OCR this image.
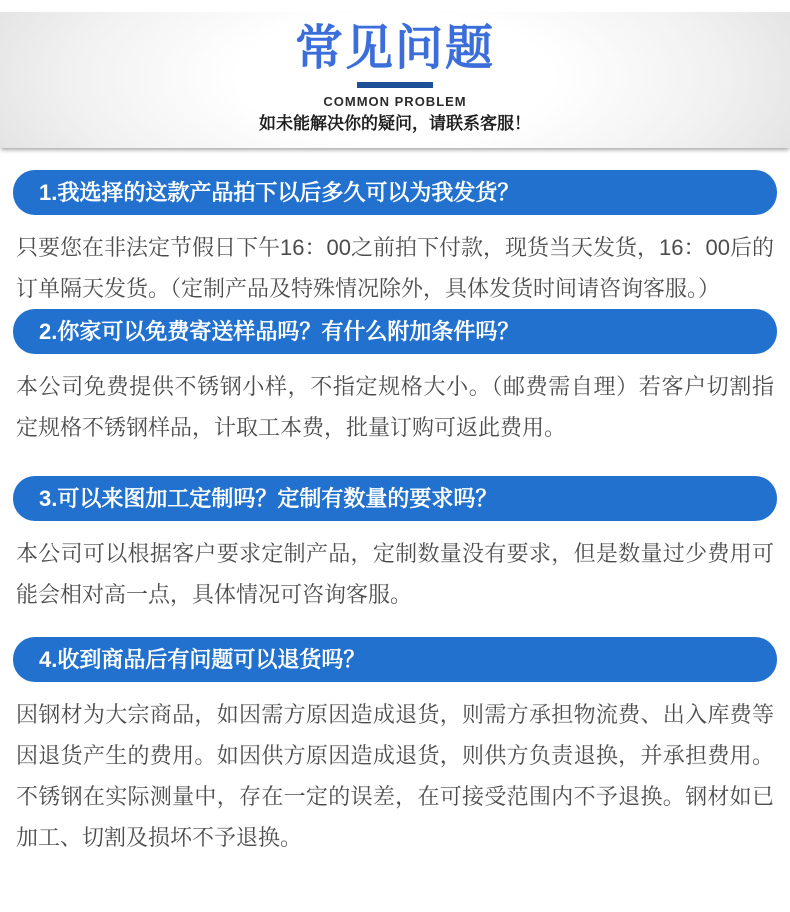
常见问题
COMMON PROBLEM
如未能解决你的疑问，请联系客服！
1.我选择的这款产品拍下以后多久可以为我发货？

只要您在非法定节假日下午16：00之前拍下付款，现货当天发货，16：00后的订单隔天发货。（定制产品及特殊情况除外，具体发货时间请咨询客服。）

2.你家可以免费寄送样品吗？有什么附加条件吗？

本公司免费提供不锈钢小样，不指定规格大小。（邮费需自理）若客户切割指定规格不锈钢样品，计取工本费，批量订购可返此费用。

3.可以来图加工定制吗？定制有数量的要求吗？

本公司可以根据客户要求定制产品，定制数量没有要求，但是数量过少费用可能会相对高一点，具体情况可咨询客服。

4.收到商品后有问题可以退货吗？

因钢材为大宗商品，如因需方原因造成退货，则需方承担物流费、出入库费等因退货产生的费用。如因供方原因造成退货，则供方负责退换，并承担费用。不锈钢在实际测量中，存在一定的误差，在可接受范围内不予退换。钢材如已加工、切割及损坏不予退换。
